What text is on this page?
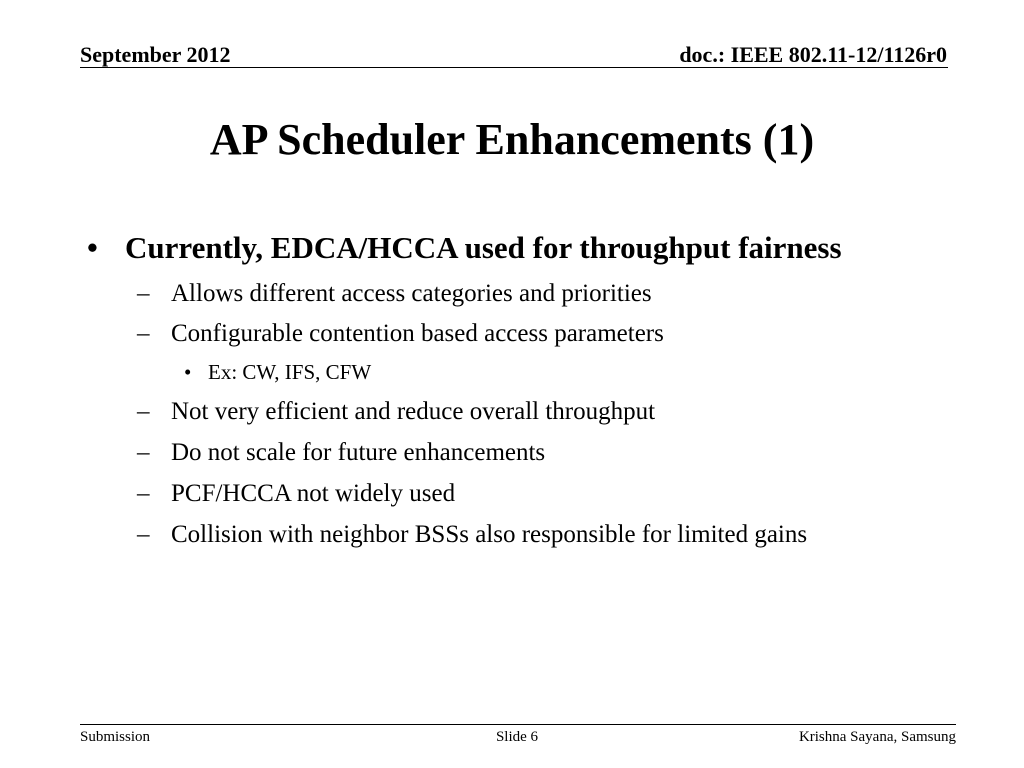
September 2012	doc.: IEEE 802.11-12/1126r0
AP Scheduler Enhancements (1)
• Currently, EDCA/HCCA used for throughput fairness
– Allows different access categories and priorities
– Configurable contention based access parameters
• Ex: CW, IFS, CFW
– Not very efficient and reduce overall throughput
– Do not scale for future enhancements
– PCF/HCCA not widely used
– Collision with neighbor BSSs also responsible for limited gains
Submission	Slide 6	Krishna Sayana, Samsung
